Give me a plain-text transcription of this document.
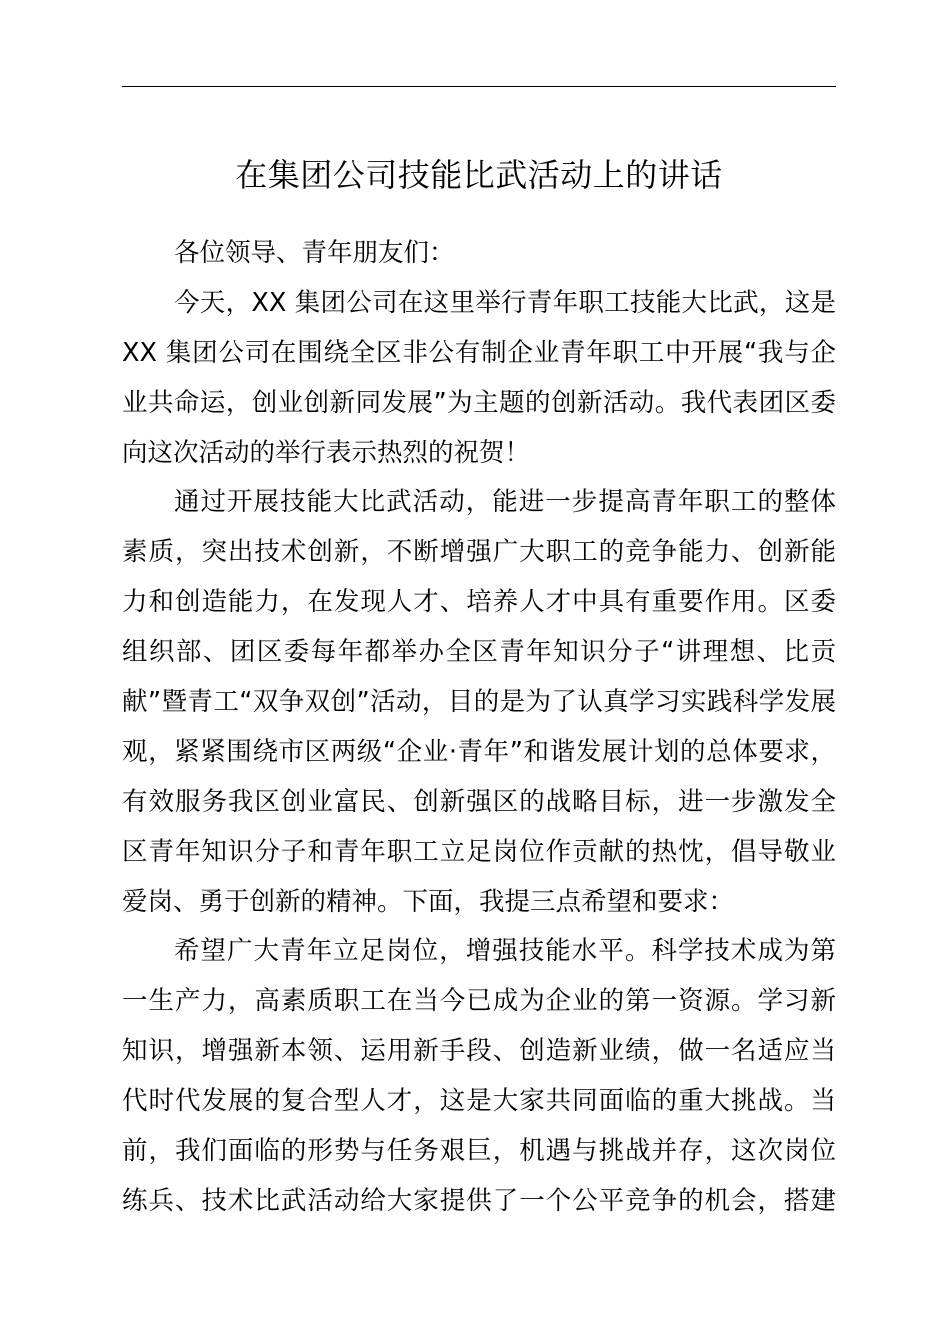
在集团公司技能比武活动上的讲话
各位领导、青年朋友们：
今天，XX 集团公司在这里举行青年职工技能大比武，这是
XX 集团公司在围绕全区非公有制企业青年职工中开展“我与企
业共命运，创业创新同发展”为主题的创新活动。我代表团区委
向这次活动的举行表示热烈的祝贺！
通过开展技能大比武活动，能进一步提高青年职工的整体
素质，突出技术创新，不断增强广大职工的竞争能力、创新能
力和创造能力，在发现人才、培养人才中具有重要作用。区委
组织部、团区委每年都举办全区青年知识分子“讲理想、比贡
献”暨青工“双争双创”活动，目的是为了认真学习实践科学发展
观，紧紧围绕市区两级“企业·青年”和谐发展计划的总体要求，
有效服务我区创业富民、创新强区的战略目标，进一步激发全
区青年知识分子和青年职工立足岗位作贡献的热忱，倡导敬业
爱岗、勇于创新的精神。下面，我提三点希望和要求：
希望广大青年立足岗位，增强技能水平。科学技术成为第
一生产力，高素质职工在当今已成为企业的第一资源。学习新
知识，增强新本领、运用新手段、创造新业绩，做一名适应当
代时代发展的复合型人才，这是大家共同面临的重大挑战。当
前，我们面临的形势与任务艰巨，机遇与挑战并存，这次岗位
练兵、技术比武活动给大家提供了一个公平竞争的机会，搭建
